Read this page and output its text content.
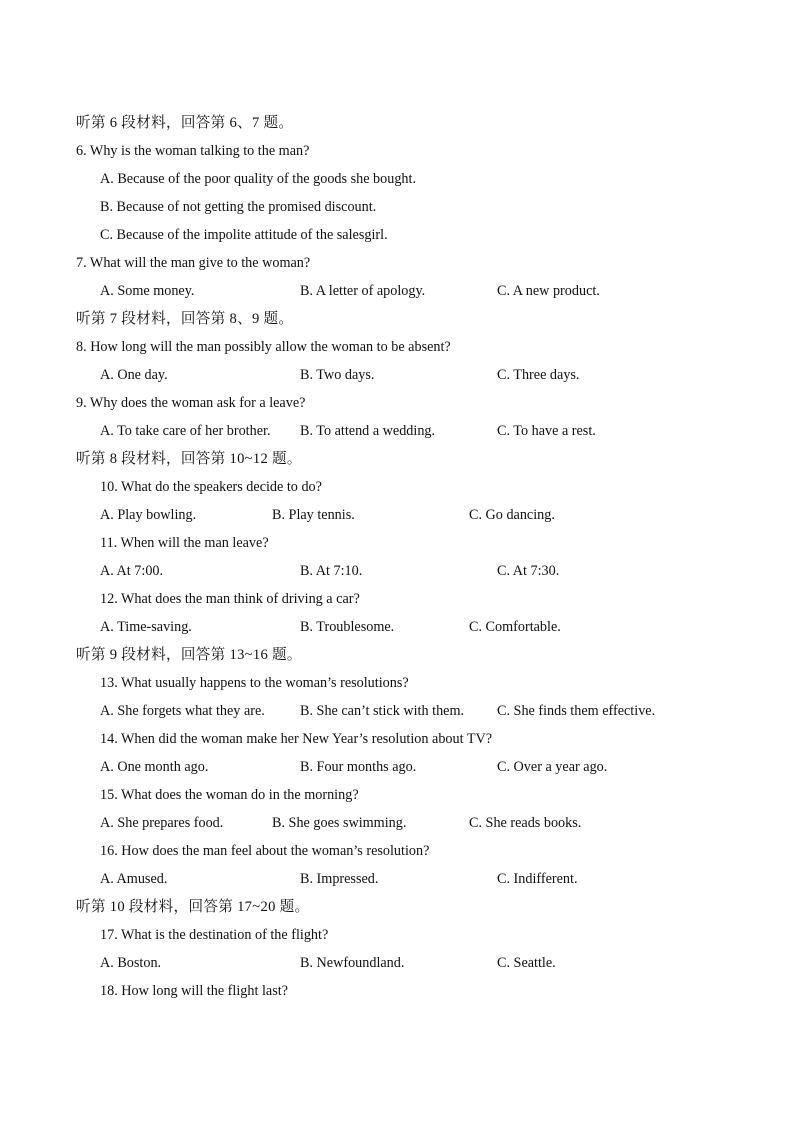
听第 6 段材料，回答第 6、7 题。
6. Why is the woman talking to the man?
A. Because of the poor quality of the goods she bought.
B. Because of not getting the promised discount.
C. Because of the impolite attitude of the salesgirl.
7. What will the man give to the woman?
A. Some money.	B. A letter of apology.	C. A new product.
听第 7 段材料，回答第 8、9 题。
8. How long will the man possibly allow the woman to be absent?
A. One day.	B. Two days.	C. Three days.
9. Why does the woman ask for a leave?
A. To take care of her brother. B. To attend a wedding.	C. To have a rest.
听第 8 段材料，回答第 10~12 题。
10. What do the speakers decide to do?
A. Play bowling.	B. Play tennis.	C. Go dancing.
11. When will the man leave?
A. At 7:00.	B. At 7:10.	C. At 7:30.
12. What does the man think of driving a car?
A. Time-saving.	B. Troublesome.	C. Comfortable.
听第 9 段材料，回答第 13~16 题。
13. What usually happens to the woman’s resolutions?
A. She forgets what they are. B. She can’t stick with them. C. She finds them effective.
14. When did the woman make her New Year’s resolution about TV?
A. One month ago.	B. Four months ago.	C. Over a year ago.
15. What does the woman do in the morning?
A. She prepares food.	B. She goes swimming.	C. She reads books.
16. How does the man feel about the woman’s resolution?
A. Amused.	B. Impressed.	C. Indifferent.
听第 10 段材料，回答第 17~20 题。
17. What is the destination of the flight?
A. Boston.	B. Newfoundland.	C. Seattle.
18. How long will the flight last?
